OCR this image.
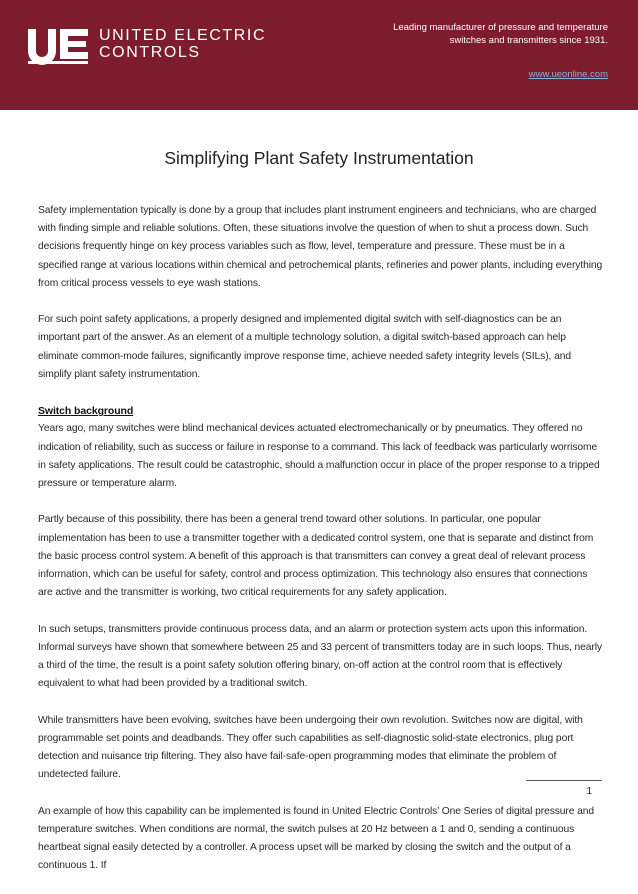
UNITED ELECTRIC
CONTROLS
Leading manufacturer of pressure and temperature switches and transmitters since 1931.
www.ueonline.com
Simplifying Plant Safety Instrumentation

Safety implementation typically is done by a group that includes plant instrument engineers and technicians, who are charged with finding simple and reliable solutions. Often, these situations involve the question of when to shut a process down. Such decisions frequently hinge on key process variables such as flow, level, temperature and pressure. These must be in a specified range at various locations within chemical and petrochemical plants, refineries and power plants, including everything from critical process vessels to eye wash stations.

For such point safety applications, a properly designed and implemented digital switch with self-diagnostics can be an important part of the answer. As an element of a multiple technology solution, a digital switch-based approach can help eliminate common-mode failures, significantly improve response time, achieve needed safety integrity levels (SILs), and simplify plant safety instrumentation.

Switch background

Years ago, many switches were blind mechanical devices actuated electromechanically or by pneumatics. They offered no indication of reliability, such as success or failure in response to a command. This lack of feedback was particularly worrisome in safety applications. The result could be catastrophic, should a malfunction occur in place of the proper response to a tripped pressure or temperature alarm.

Partly because of this possibility, there has been a general trend toward other solutions. In particular, one popular implementation has been to use a transmitter together with a dedicated control system, one that is separate and distinct from the basic process control system. A benefit of this approach is that transmitters can convey a great deal of relevant process information, which can be useful for safety, control and process optimization. This technology also ensures that connections are active and the transmitter is working, two critical requirements for any safety application.

In such setups, transmitters provide continuous process data, and an alarm or protection system acts upon this information. Informal surveys have shown that somewhere between 25 and 33 percent of transmitters today are in such loops. Thus, nearly a third of the time, the result is a point safety solution offering binary, on-off action at the control room that is effectively equivalent to what had been provided by a traditional switch.

While transmitters have been evolving, switches have been undergoing their own revolution. Switches now are digital, with programmable set points and deadbands. They offer such capabilities as self-diagnostic solid-state electronics, plug port detection and nuisance trip filtering. They also have fail-safe-open programming modes that eliminate the problem of undetected failure.

An example of how this capability can be implemented is found in United Electric Controls’ One Series of digital pressure and temperature switches. When conditions are normal, the switch pulses at 20 Hz between a 1 and 0, sending a continuous heartbeat signal easily detected by a controller. A process upset will be marked by closing the switch and the output of a continuous 1. If

1
